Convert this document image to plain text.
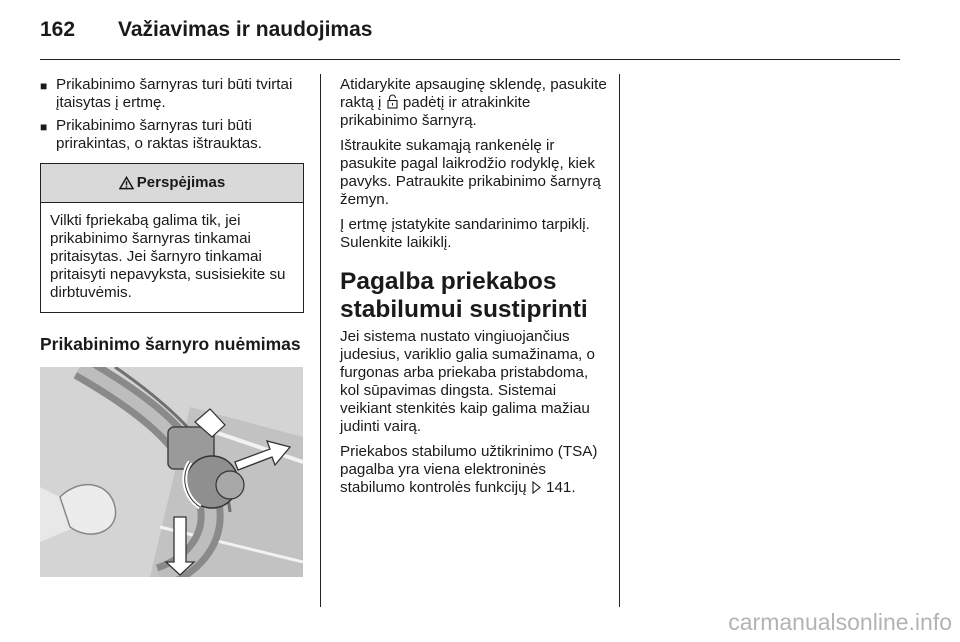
162	Važiavimas ir naudojimas
■ Prikabinimo šarnyras turi būti tvirtai įtaisytas į ertmę.
■ Prikabinimo šarnyras turi būti prirakintas, o raktas ištrauktas.
Perspėjimas
Vilkti fpriekabą galima tik, jei prikabinimo šarnyras tinkamai pritaisytas. Jei šarnyro tinkamai pritaisyti nepavyksta, susisiekite su dirbtuvėmis.
Prikabinimo šarnyro nuėmimas

Atidarykite apsauginę sklendę, pasukite raktą į padėtį ir atrakinkite prikabinimo šarnyrą.

Ištraukite sukamąją rankenėlę ir pasukite pagal laikrodžio rodyklę, kiek pavyks. Patraukite prikabinimo šarnyrą žemyn.

Į ertmę įstatykite sandarinimo tarpiklį. Sulenkite laikiklį.

Pagalba priekabos stabilumui sustiprinti

Jei sistema nustato vingiuojančius judesius, variklio galia sumažinama, o furgonas arba priekaba pristabdoma, kol sūpavimas dingsta. Sistemai veikiant stenkitės kaip galima mažiau judinti vairą.

Priekabos stabilumo užtikrinimo (TSA) pagalba yra viena elektroninės stabilumo kontrolės funkcijų 141.

carmanualsonline.info
